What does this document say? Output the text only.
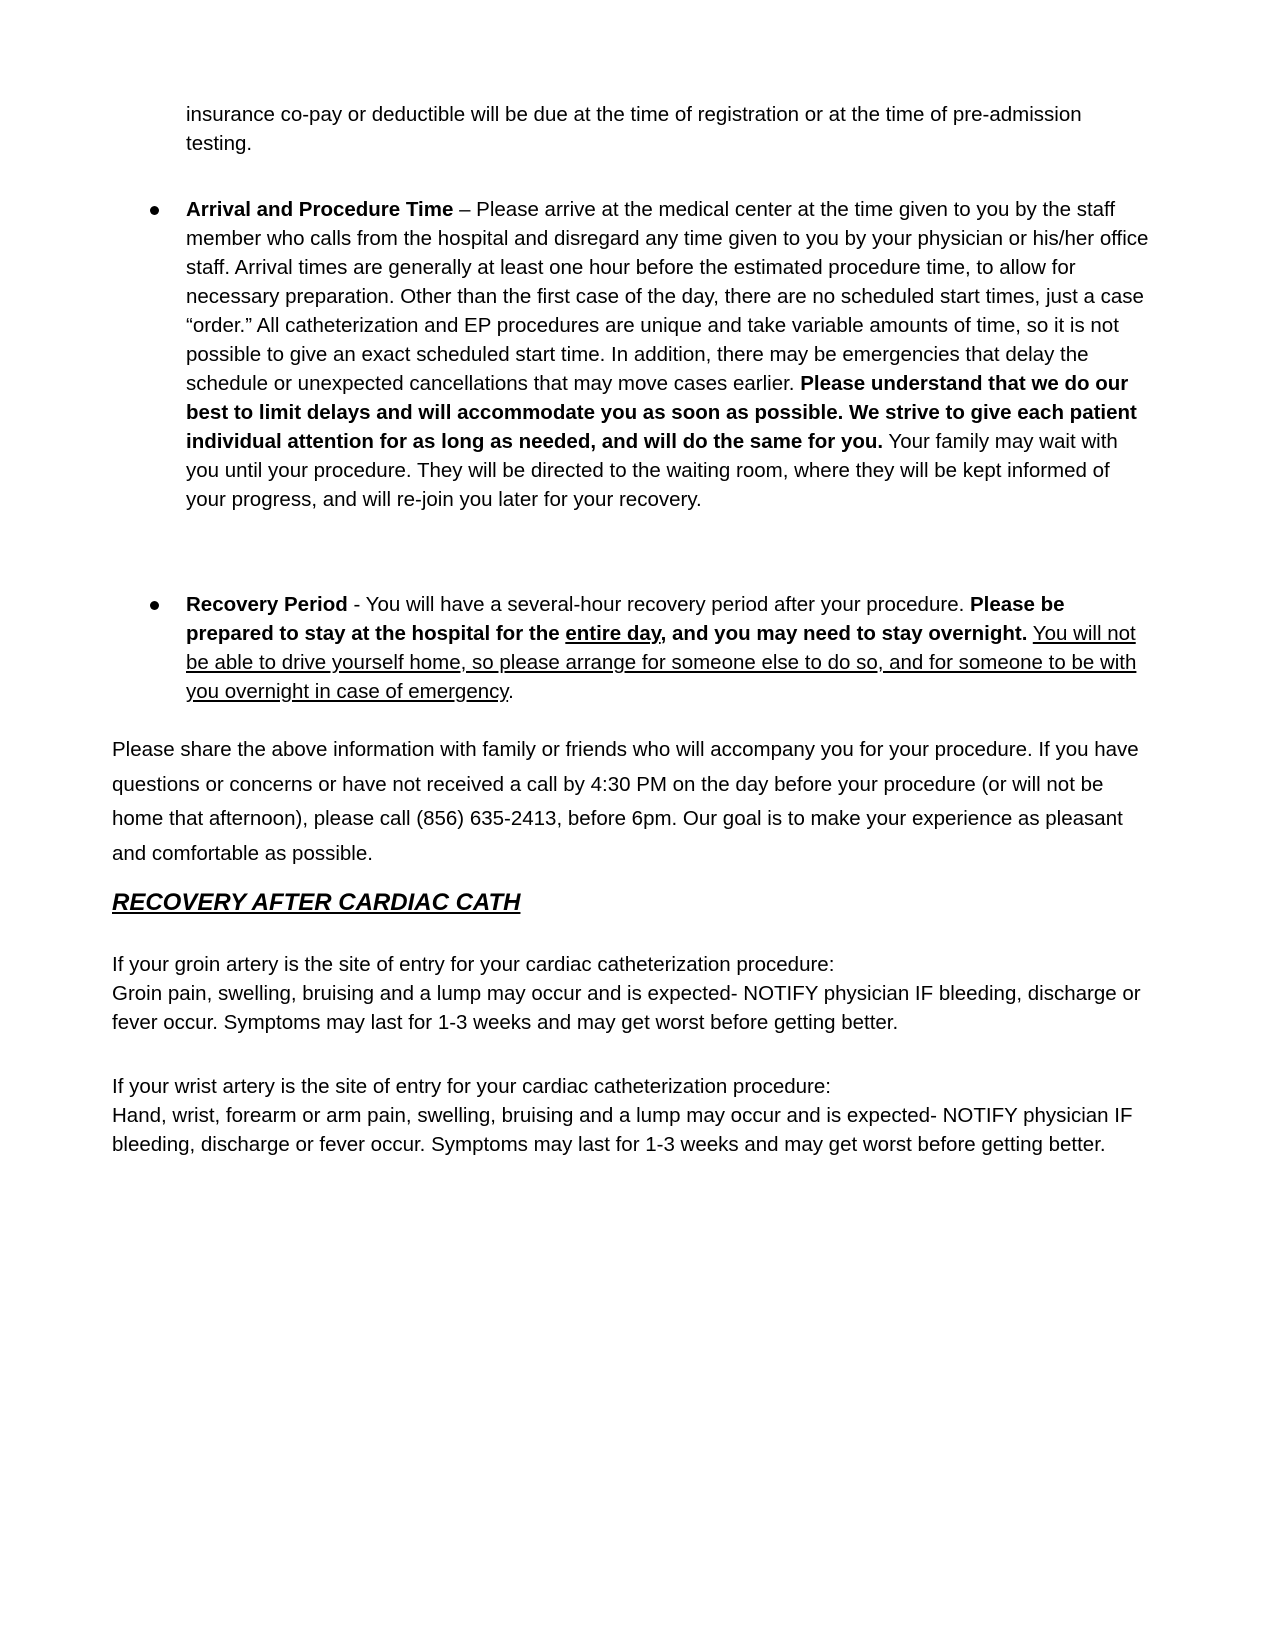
insurance co-pay or deductible will be due at the time of registration or at the time of pre-admission testing.

Arrival and Procedure Time – Please arrive at the medical center at the time given to you by the staff member who calls from the hospital and disregard any time given to you by your physician or his/her office staff. Arrival times are generally at least one hour before the estimated procedure time, to allow for necessary preparation. Other than the first case of the day, there are no scheduled start times, just a case “order.” All catheterization and EP procedures are unique and take variable amounts of time, so it is not possible to give an exact scheduled start time. In addition, there may be emergencies that delay the schedule or unexpected cancellations that may move cases earlier. Please understand that we do our best to limit delays and will accommodate you as soon as possible. We strive to give each patient individual attention for as long as needed, and will do the same for you. Your family may wait with you until your procedure. They will be directed to the waiting room, where they will be kept informed of your progress, and will re-join you later for your recovery.

Recovery Period - You will have a several-hour recovery period after your procedure. Please be prepared to stay at the hospital for the entire day, and you may need to stay overnight. You will not be able to drive yourself home, so please arrange for someone else to do so, and for someone to be with you overnight in case of emergency.

Please share the above information with family or friends who will accompany you for your procedure. If you have questions or concerns or have not received a call by 4:30 PM on the day before your procedure (or will not be home that afternoon), please call (856) 635-2413, before 6pm. Our goal is to make your experience as pleasant and comfortable as possible.

RECOVERY AFTER CARDIAC CATH

If your groin artery is the site of entry for your cardiac catheterization procedure:

Groin pain, swelling, bruising and a lump may occur and is expected- NOTIFY physician IF bleeding, discharge or fever occur. Symptoms may last for 1-3 weeks and may get worst before getting better.

If your wrist artery is the site of entry for your cardiac catheterization procedure:

Hand, wrist, forearm or arm pain, swelling, bruising and a lump may occur and is expected- NOTIFY physician IF bleeding, discharge or fever occur. Symptoms may last for 1-3 weeks and may get worst before getting better.
